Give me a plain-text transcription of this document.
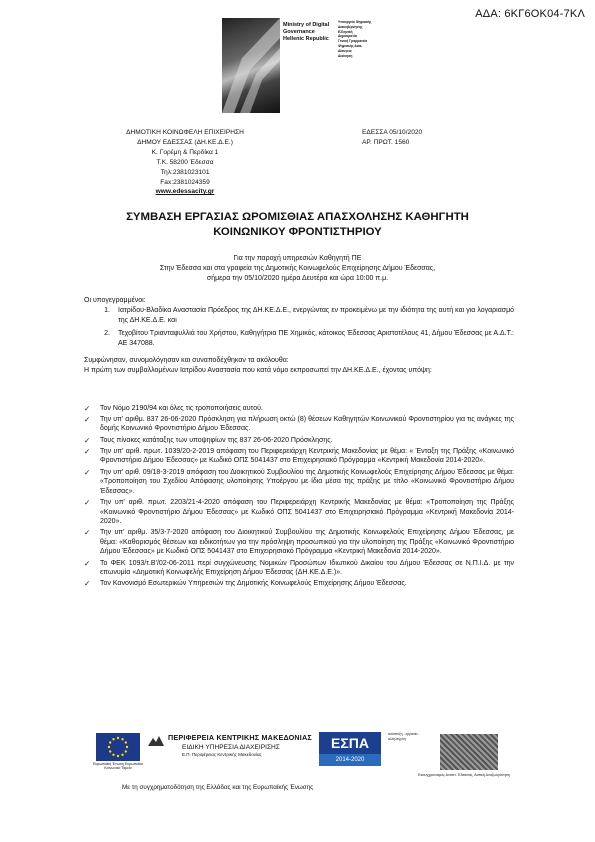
ΑΔΑ: 6ΚΓ6ΟΚ04-7ΚΛ
Ministry of Digital
Governance
Hellenic Republic
Υπουργείο Ψηφιακής
Διακυβέρνησης
Ελληνική
Δημοκρατία
Γενική Γραμματεία
Ψηφιακής Διακ.
Δίαυγεια
Διοίκηση
ΔΗΜΟΤΙΚΗ ΚΟΙΝΩΦΕΛΗ ΕΠΙΧΕΙΡΗΣΗ
ΔΗΜΟΥ ΕΔΕΣΣΑΣ (ΔΗ.ΚΕ.Δ.Ε.)
Κ. Γορέμη & Περδίκα 1
Τ.Κ. 58200 Έδεσσα
Τηλ:2381023101
Fax:2381024359
www.edessacity.gr
ΕΔΕΣΣΑ 05/10/2020
ΑΡ. ΠΡΩΤ. 1560
ΣΥΜΒΑΣΗ ΕΡΓΑΣΙΑΣ ΩΡΟΜΙΣΘΙΑΣ ΑΠΑΣΧΟΛΗΣΗΣ ΚΑΘΗΓΗΤΗ
ΚΟΙΝΩΝΙΚΟΥ ΦΡΟΝΤΙΣΤΗΡΙΟΥ
Για την παροχή υπηρεσιών Καθηγητή ΠΕ
Στην Έδεσσα και στα γραφεία της Δημοτικής Κοινωφελούς Επιχείρησης Δήμου Έδεσσας,
σήμερα την 05/10/2020 ημέρα Δευτέρα και ώρα 10:00 π.μ.
Οι υπογεγραμμένοι:
1.	Ιατρίδου-Βλαδίκα Αναστασία Πρόεδρος της ΔΗ.ΚΕ.Δ.Ε., ενεργώντας εν προκειμένω με την ιδιότητα της αυτή και για λογαριασμό της ΔΗ.ΚΕ.Δ.Ε. και
2.	Τεχοβίτου Τριανταφυλλιά του Χρήστου, Καθηγήτρια ΠΕ Χημικός, κάτοικος Έδεσσας Αριστοτέλους 41, Δήμου Έδεσσας με Α.Δ.Τ.: ΑΕ 347088.
Συμφώνησαν, συνομολόγησαν και συναποδέχθηκαν τα ακόλουθα:
Η πρώτη των συμβαλλομένων Ιατρίδου Αναστασία που κατά νόμο εκπροσωπεί την ΔΗ.ΚΕ.Δ.Ε., έχοντας υπόψη:
✓	Τον Νόμο 2190/94 και όλες τις τροποποιήσεις αυτού.
✓	Την υπ' αριθμ. 837 26-06-2020 Πρόσκληση για πλήρωση οκτώ (8) θέσεων Καθηγητών Κοινωνικού Φροντιστηρίου για τις ανάγκες της δομής Κοινωνικό Φροντιστήριο Δήμου Έδεσσας.
✓	Τους πίνακες κατάταξης των υποψηφίων της 837 26-06-2020 Πρόσκλησης.
✓	Την υπ' αριθ. πρωτ. 1039/20-2-2019 απόφαση του Περιφερειάρχη Κεντρικής Μακεδονίας με θέμα: « Ένταξη της Πράξης «Κοινωνικό Φροντιστήριο Δήμου Έδεσσας» με Κωδικό ΟΠΣ 5041437 στο Επιχειρησιακό Πρόγραμμα «Κεντρική Μακεδονία 2014-2020».
✓	Την υπ' αριθ. 09/18-3-2019 απόφαση του Διοικητικού Συμβουλίου της Δημοτικής Κοινωφελούς Επιχείρησης Δήμου Έδεσσας με θέμα: «Τροποποίηση του Σχεδίου Απόφασης υλοποίησης Υποέργου με ίδια μέσα της πράξης με τίτλο «Κοινωνικό Φροντιστήριο Δήμου Έδεσσας».
✓	Την υπ' αριθ. πρωτ. 2203/21-4-2020 απόφαση του Περιφερειάρχη Κεντρικής Μακεδονίας με θέμα: «Τροποποίηση της Πράξης «Κοινωνικό Φροντιστήριο Δήμου Έδεσσας» με Κωδικό ΟΠΣ 5041437 στο Επιχειρησιακό Πρόγραμμα «Κεντρική Μακεδονία 2014-2020».
✓	Την υπ' αριθμ. 35/3-7-2020 απόφαση του Διοικητικού Συμβουλίου της Δημοτικής Κοινωφελούς Επιχείρησης Δήμου Έδεσσας, με θέμα: «Καθορισμός θέσεων και ειδικοτήτων για την πρόσληψη προσωπικού για την υλοποίηση της Πράξης «Κοινωνικό Φροντιστήριο Δήμου Έδεσσας» με Κωδικό ΟΠΣ 5041437 στο Επιχειρησιακό Πρόγραμμα «Κεντρική Μακεδονία 2014-2020».
✓	Το ΦΕΚ 1093/τ.Β'/02-06-2011 περί συγχώνευσης Νομικών Προσώπων Ιδιωτικού Δικαίου του Δήμου Έδεσσας σε Ν.Π.Ι.Δ. με την επωνυμία «Δημοτική Κοινωφελής Επιχείρηση Δήμου Έδεσσας (ΔΗ.ΚΕ.Δ.Ε.)».
✓	Τον Κανονισμό Εσωτερικών Υπηρεσιών της Δημοτικής Κοινωφελούς Επιχείρησης Δήμου Έδεσσας.
Ευρωπαϊκή Ένωση Ευρωπαϊκό Κοινωνικό Ταμείο
ΠΕΡΙΦΕΡΕΙΑ ΚΕΝΤΡΙΚΗΣ ΜΑΚΕΔΟΝΙΑΣ
ΕΙΔΙΚΗ ΥΠΗΡΕΣΙΑ ΔΙΑΧΕΙΡΙΣΗΣ
Ε.Π. Περιφέρειας Κεντρικής Μακεδονίας
ΕΣΠΑ
2014-2020
ανάπτυξη - εργασία - αλληλεγγύη
Εκσυγχρονισμός Αναπτ. Έδεσσας, Αστική Αναζωογόνηση
Με τη συγχρηματοδότηση της Ελλάδας και της Ευρωπαϊκής Ένωσης
